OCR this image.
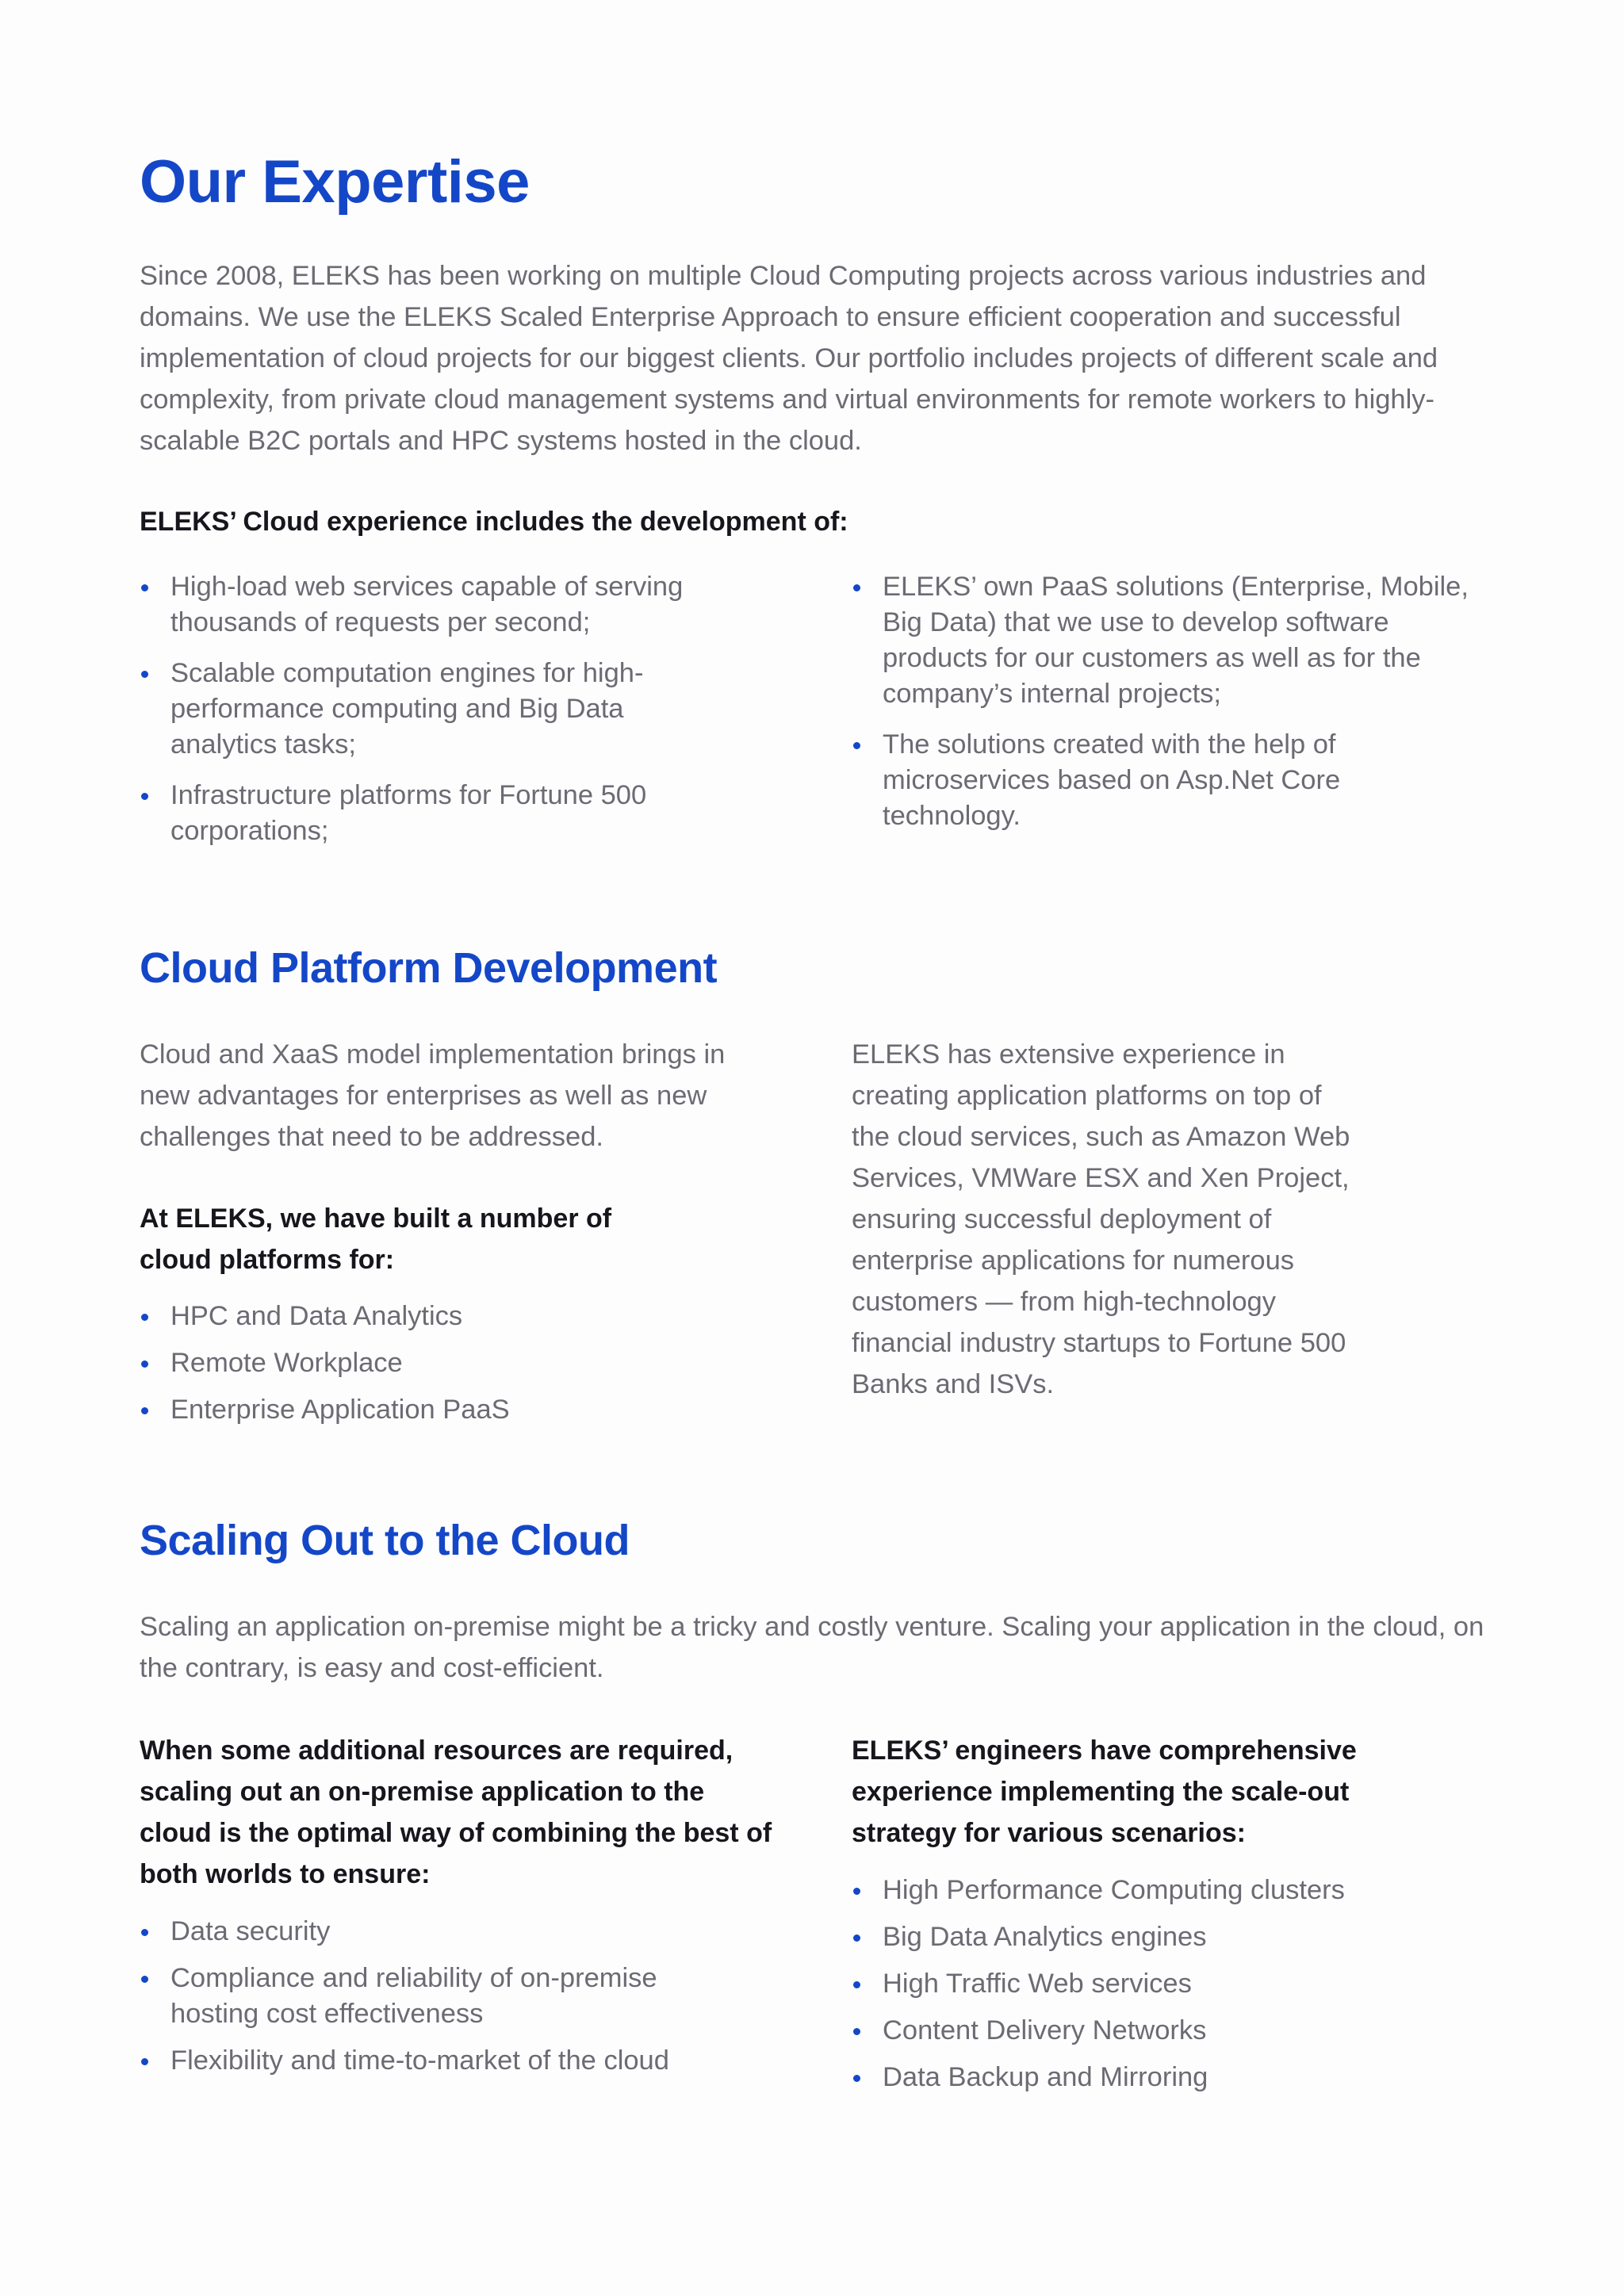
Our Expertise

Since 2008, ELEKS has been working on multiple Cloud Computing projects across various industries and domains. We use the ELEKS Scaled Enterprise Approach to ensure efficient cooperation and successful implementation of cloud projects for our biggest clients. Our portfolio includes projects of different scale and complexity, from private cloud management systems and virtual environments for remote workers to highly-scalable B2C portals and HPC systems hosted in the cloud.

ELEKS’ Cloud experience includes the development of:

High-load web services capable of serving thousands of requests per second;
Scalable computation engines for high-performance computing and Big Data analytics tasks;
Infrastructure platforms for Fortune 500 corporations;
ELEKS’ own PaaS solutions (Enterprise, Mobile, Big Data) that we use to develop software products for our customers as well as for the company’s internal projects;
The solutions created with the help of microservices based on Asp.Net Core technology.
Cloud Platform Development

Cloud and XaaS model implementation brings in new advantages for enterprises as well as new challenges that need to be addressed.

At ELEKS, we have built a number of cloud platforms for:

HPC and Data Analytics
Remote Workplace
Enterprise Application PaaS

ELEKS has extensive experience in creating application platforms on top of the cloud services, such as Amazon Web Services, VMWare ESX and Xen Project, ensuring successful deployment of enterprise applications for numerous customers — from high-technology financial industry startups to Fortune 500 Banks and ISVs.

Scaling Out to the Cloud

Scaling an application on-premise might be a tricky and costly venture. Scaling your application in the cloud, on the contrary, is easy and cost-efficient.

When some additional resources are required, scaling out an on-premise application to the cloud is the optimal way of combining the best of both worlds to ensure:

Data security
Compliance and reliability of on-premise hosting cost effectiveness
Flexibility and time-to-market of the cloud

ELEKS’ engineers have comprehensive experience implementing the scale-out strategy for various scenarios:

High Performance Computing clusters
Big Data Analytics engines
High Traffic Web services
Content Delivery Networks
Data Backup and Mirroring
